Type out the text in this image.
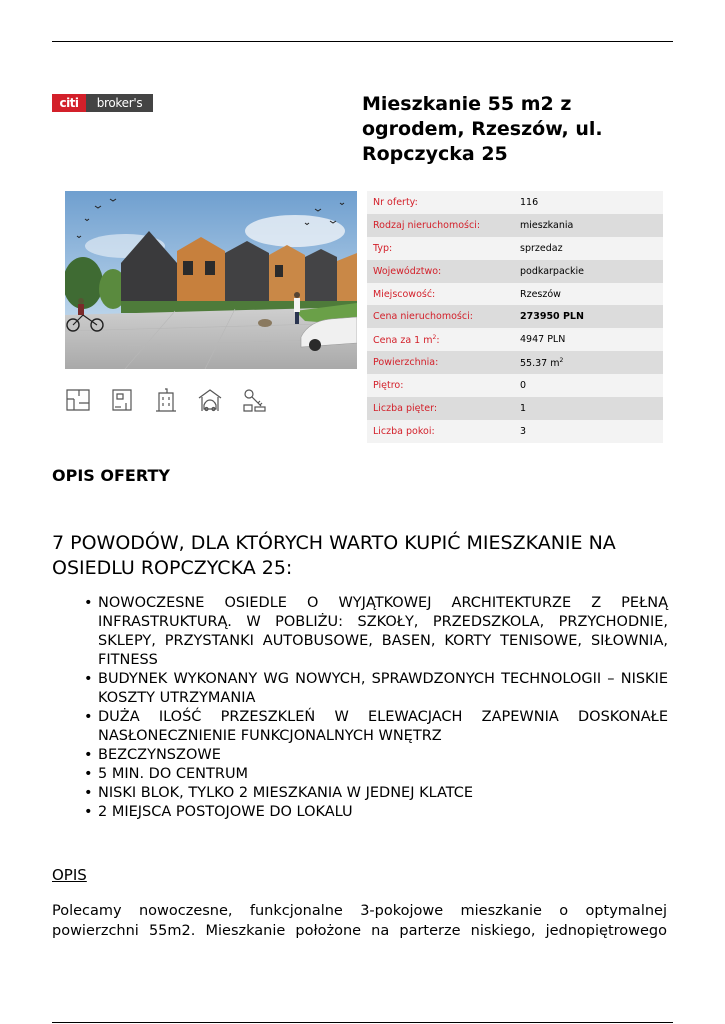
citi	broker's	Mieszkanie 55 m2 z ogrodem, Rzeszów, ul. Ropczycka 25
Nr oferty:	116
Rodzaj nieruchomości:	mieszkania
Typ:	sprzedaz
Województwo:	podkarpackie
Miejscowość:	Rzeszów
Cena nieruchomości:	273950 PLN
Cena za 1 $m^2$:	4947 PLN
Powierzchnia:	55.37 $m^2$
Piętro:	0
Liczba pięter:	1
Liczba pokoi:	3
OPIS OFERTY
7 POWODÓW, DLA KTÓRYCH WARTO KUPIĆ MIESZKANIE NA OSIEDLU ROPCZYCKA 25:
• NOWOCZESNE OSIEDLE O WYJĄTKOWEJ ARCHITEKTURZE Z PEŁNĄ INFRASTRUKTURĄ. W POBLIŻU: SZKOŁY, PRZEDSZKOLA, PRZYCHODNIE, SKLEPY, PRZYSTANKI AUTOBUSOWE, BASEN, KORTY TENISOWE, SIŁOWNIA, FITNESS
• BUDYNEK WYKONANY WG NOWYCH, SPRAWDZONYCH TECHNOLOGII – NISKIE KOSZTY UTRZYMANIA
• DUŻA ILOŚĆ PRZESZKLEŃ W ELEWACJACH ZAPEWNIA DOSKONAŁE NASŁONECZNIENIE FUNKCJONALNYCH WNĘTRZ
• BEZCZYNSZOWE
• 5 MIN. DO CENTRUM
• NISKI BLOK, TYLKO 2 MIESZKANIA W JEDNEJ KLATCE
• 2 MIEJSCA POSTOJOWE DO LOKALU
OPIS

Polecamy nowoczesne, funkcjonalne 3-pokojowe mieszkanie o optymalnej powierzchni 55m2. Mieszkanie położone na parterze niskiego, jednopiętrowego
